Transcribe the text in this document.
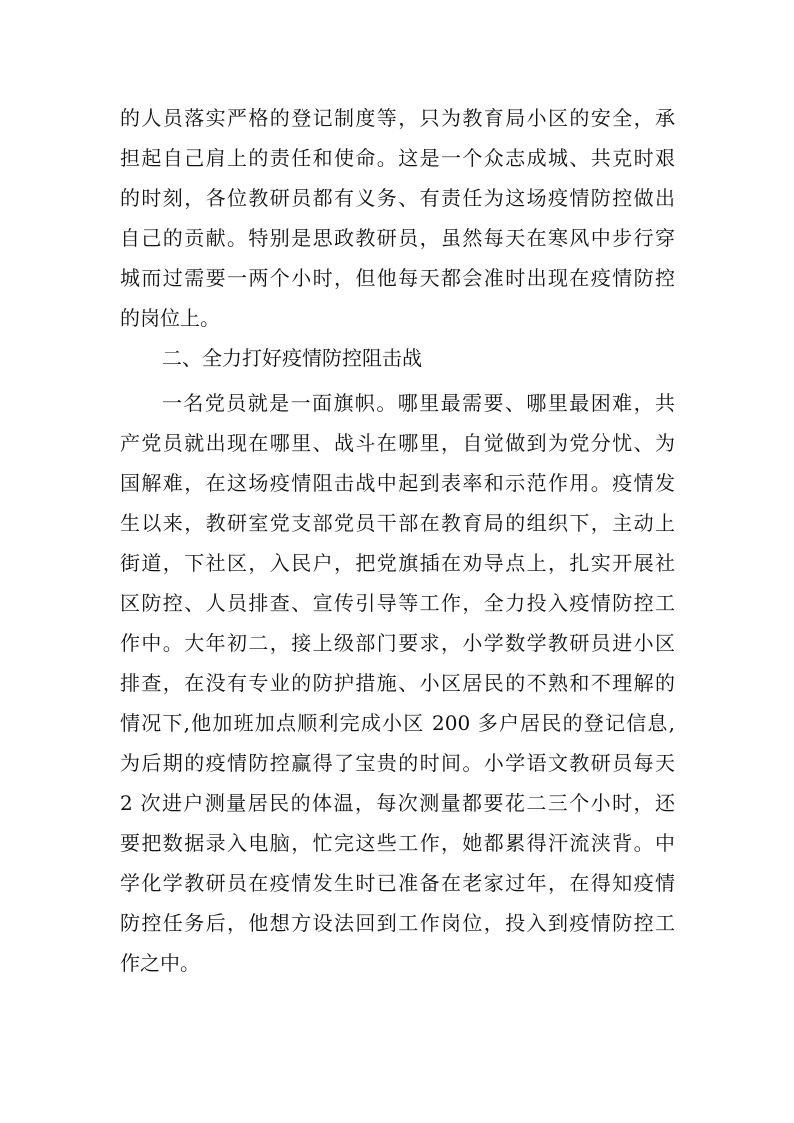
的人员落实严格的登记制度等，只为教育局小区的安全，承
担起自己肩上的责任和使命。这是一个众志成城、共克时艰
的时刻，各位教研员都有义务、有责任为这场疫情防控做出
自己的贡献。特别是思政教研员，虽然每天在寒风中步行穿
城而过需要一两个小时，但他每天都会准时出现在疫情防控
的岗位上。
二、全力打好疫情防控阻击战
一名党员就是一面旗帜。哪里最需要、哪里最困难，共
产党员就出现在哪里、战斗在哪里，自觉做到为党分忧、为
国解难，在这场疫情阻击战中起到表率和示范作用。疫情发
生以来，教研室党支部党员干部在教育局的组织下，主动上
街道，下社区，入民户，把党旗插在劝导点上，扎实开展社
区防控、人员排查、宣传引导等工作，全力投入疫情防控工
作中。大年初二，接上级部门要求，小学数学教研员进小区
排查，在没有专业的防护措施、小区居民的不熟和不理解的
情况下,他加班加点顺利完成小区 200 多户居民的登记信息,
为后期的疫情防控赢得了宝贵的时间。小学语文教研员每天
2 次进户测量居民的体温，每次测量都要花二三个小时，还
要把数据录入电脑，忙完这些工作，她都累得汗流浃背。中
学化学教研员在疫情发生时已准备在老家过年，在得知疫情
防控任务后，他想方设法回到工作岗位，投入到疫情防控工
作之中。
